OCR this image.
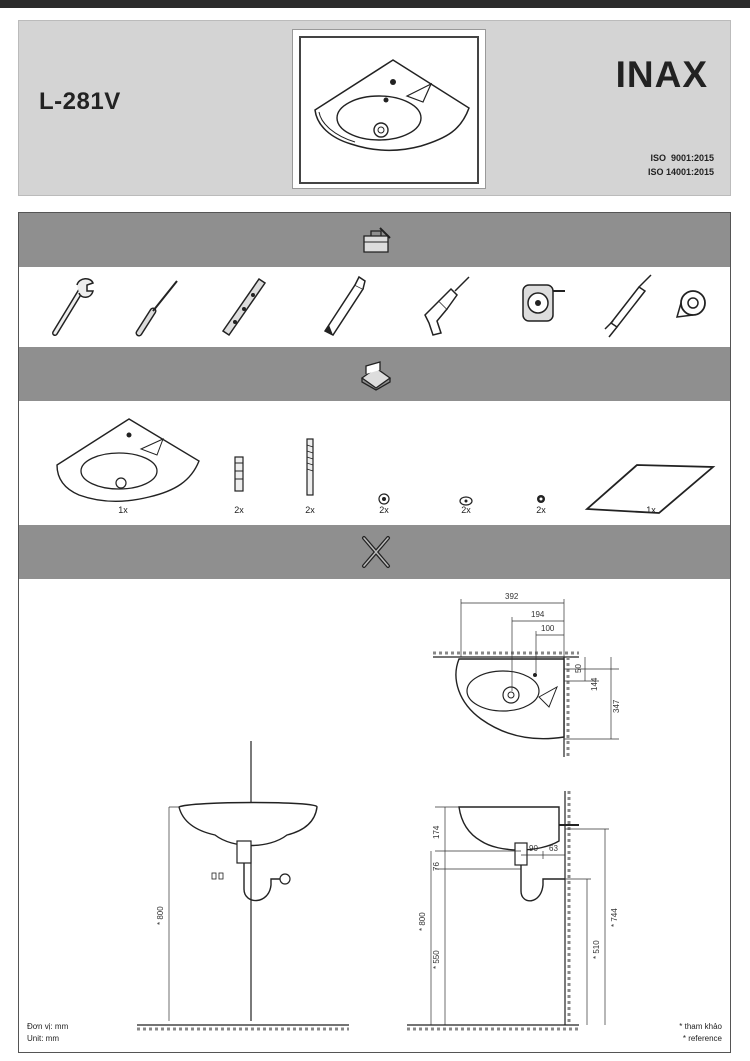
L-281V
INAX
ISO  9001:2015
ISO 14001:2015
1x	2x	2x	2x	2x	2x	1x
392
194
100
50
144
347
* 800
174
76
* 800
* 550
* 510
* 744
90 63
Đơn vị: mm
Unit: mm
* tham khảo
* reference
